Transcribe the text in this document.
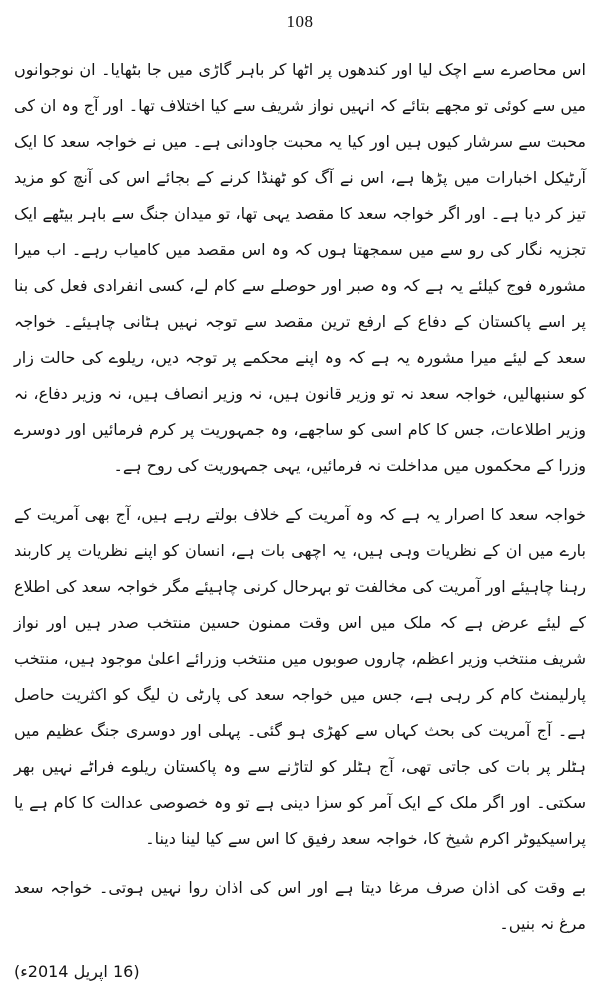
108

اس محاصرے سے اچک لیا اور کندھوں پر اٹھا کر باہر گاڑی میں جا بٹھایا۔ ان نوجوانوں میں سے کوئی تو مجھے بتائے کہ انہیں نواز شریف سے کیا اختلاف تھا۔ اور آج وہ ان کی محبت سے سرشار کیوں ہیں اور کیا یہ محبت جاودانی ہے۔ میں نے خواجہ سعد کا ایک آرٹیکل اخبارات میں پڑھا ہے، اس نے آگ کو ٹھنڈا کرنے کے بجائے اس کی آنچ کو مزید تیز کر دیا ہے۔ اور اگر خواجہ سعد کا مقصد یہی تھا، تو میدان جنگ سے باہر بیٹھے ایک تجزیہ نگار کی رو سے میں سمجھتا ہوں کہ وہ اس مقصد میں کامیاب رہے۔ اب میرا مشورہ فوج کیلئے یہ ہے کہ وہ صبر اور حوصلے سے کام لے، کسی انفرادی فعل کی بنا پر اسے پاکستان کے دفاع کے ارفع ترین مقصد سے توجہ نہیں ہٹانی چاہیئے۔ خواجہ سعد کے لیئے میرا مشورہ یہ ہے کہ وہ اپنے محکمے پر توجہ دیں، ریلوے کی حالت زار کو سنبھالیں، خواجہ سعد نہ تو وزیر قانون ہیں، نہ وزیر انصاف ہیں، نہ وزیر دفاع، نہ وزیر اطلاعات، جس کا کام اسی کو ساجھے، وہ جمہوریت پر کرم فرمائیں اور دوسرے وزرا کے محکموں میں مداخلت نہ فرمائیں، یہی جمہوریت کی روح ہے۔

خواجہ سعد کا اصرار یہ ہے کہ وہ آمریت کے خلاف بولتے رہے ہیں، آج بھی آمریت کے بارے میں ان کے نظریات وہی ہیں، یہ اچھی بات ہے، انسان کو اپنے نظریات پر کاربند رہنا چاہیئے اور آمریت کی مخالفت تو بہرحال کرنی چاہیئے مگر خواجہ سعد کی اطلاع کے لیئے عرض ہے کہ ملک میں اس وقت ممنون حسین منتخب صدر ہیں اور نواز شریف منتخب وزیر اعظم، چاروں صوبوں میں منتخب وزرائے اعلیٰ موجود ہیں، منتخب پارلیمنٹ کام کر رہی ہے، جس میں خواجہ سعد کی پارٹی ن لیگ کو اکثریت حاصل ہے۔ آج آمریت کی بحث کہاں سے کھڑی ہو گئی۔ پہلی اور دوسری جنگ عظیم میں ہٹلر پر بات کی جاتی تھی، آج ہٹلر کو لتاڑنے سے وہ پاکستان ریلوے فراٹے نہیں بھر سکتی۔ اور اگر ملک کے ایک آمر کو سزا دینی ہے تو وہ خصوصی عدالت کا کام ہے یا پراسیکیوٹر اکرم شیخ کا، خواجہ سعد رفیق کا اس سے کیا لینا دینا۔

بے وقت کی اذان صرف مرغا دیتا ہے اور اس کی اذان روا نہیں ہوتی۔ خواجہ سعد مرغ نہ بنیں۔

(16 اپریل 2014ء)
